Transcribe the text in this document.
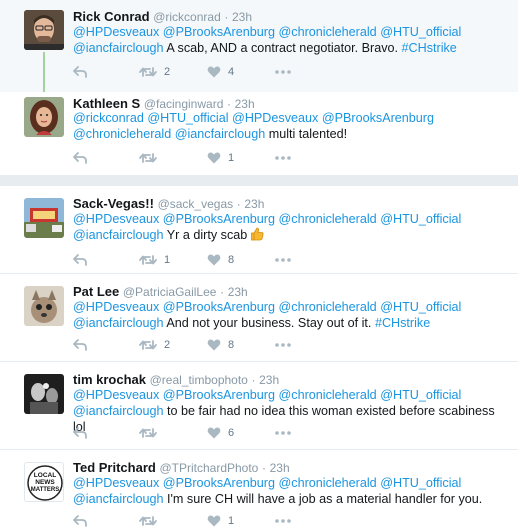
Rick Conrad @rickconrad · 23h
@HPDesveaux @PBrooksArenburg @chronicleherald @HTU_official
@iancfairclough A scab, AND a contract negotiator. Bravo. #CHstrike
2	4
Kathleen S @facinginward · 23h
@rickconrad @HTU_official @HPDesveaux @PBrooksArenburg
@chronicleherald @iancfairclough multi talented!
1
Sack-Vegas!! @sack_vegas · 23h
@HPDesveaux @PBrooksArenburg @chronicleherald @HTU_official
@iancfairclough Yr a dirty scab
1	8
Pat Lee @PatriciaGailLee · 23h
@HPDesveaux @PBrooksArenburg @chronicleherald @HTU_official
@iancfairclough And not your business. Stay out of it. #CHstrike
2	8
tim krochak @real_timbophoto · 23h
@HPDesveaux @PBrooksArenburg @chronicleherald @HTU_official
@iancfairclough to be fair had no idea this woman existed before scabiness lol	6
LOCAL
NEWS
MATTERS
Ted Pritchard @TPritchardPhoto · 23h
@HPDesveaux @PBrooksArenburg @chronicleherald @HTU_official
@iancfairclough I'm sure CH will have a job as a material handler for you.
1
